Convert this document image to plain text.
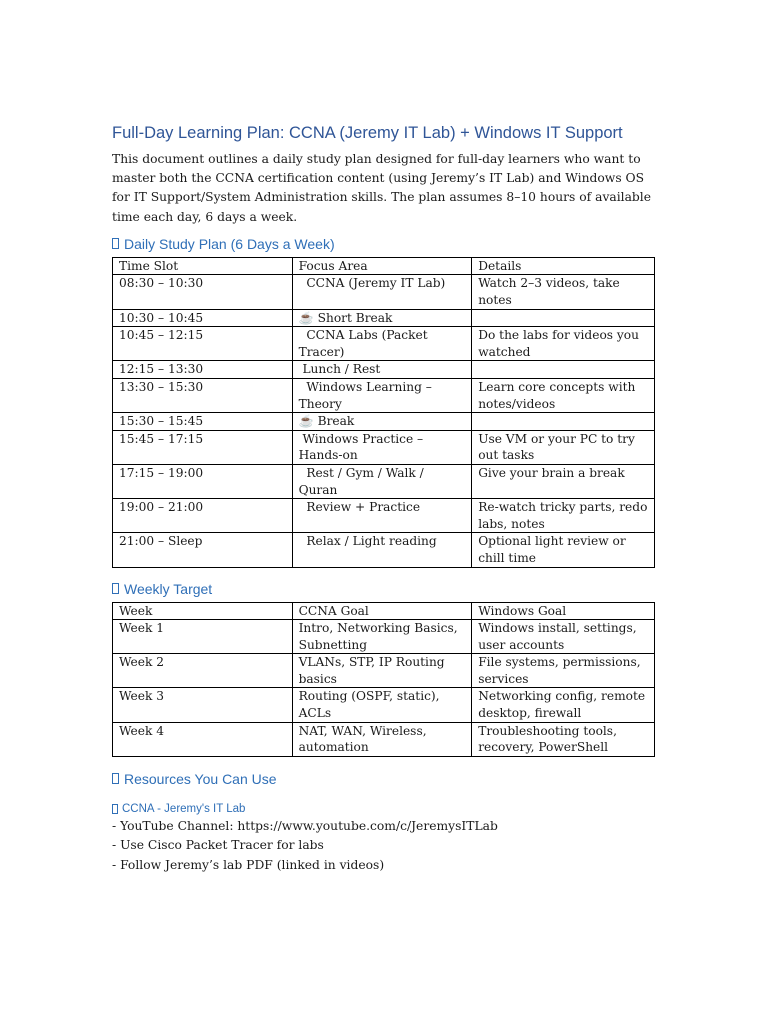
Full-Day Learning Plan: CCNA (Jeremy IT Lab) + Windows IT Support

This document outlines a daily study plan designed for full-day learners who want to master both the CCNA certification content (using Jeremy’s IT Lab) and Windows OS for IT Support/System Administration skills. The plan assumes 8–10 hours of available time each day, 6 days a week.

Daily Study Plan (6 Days a Week)
Time Slot	Focus Area	Details
08:30 – 10:30	CCNA (Jeremy IT Lab)	Watch 2–3 videos, take notes
10:30 – 10:45	☕ Short Break	
10:45 – 12:15	CCNA Labs (Packet Tracer)	Do the labs for videos you watched
12:15 – 13:30	Lunch / Rest	
13:30 – 15:30	Windows Learning – Theory	Learn core concepts with notes/videos
15:30 – 15:45	☕ Break	
15:45 – 17:15	Windows Practice – Hands-on	Use VM or your PC to try out tasks
17:15 – 19:00	Rest / Gym / Walk / Quran	Give your brain a break
19:00 – 21:00	Review + Practice	Re-watch tricky parts, redo labs, notes
21:00 – Sleep	Relax / Light reading	Optional light review or chill time
Weekly Target
Week	CCNA Goal	Windows Goal
Week 1	Intro, Networking Basics, Subnetting	Windows install, settings, user accounts
Week 2	VLANs, STP, IP Routing basics	File systems, permissions, services
Week 3	Routing (OSPF, static), ACLs	Networking config, remote desktop, firewall
Week 4	NAT, WAN, Wireless, automation	Troubleshooting tools, recovery, PowerShell
Resources You Can Use
CCNA - Jeremy's IT Lab

- YouTube Channel: https://www.youtube.com/c/JeremysITLab

- Use Cisco Packet Tracer for labs

- Follow Jeremy’s lab PDF (linked in videos)
